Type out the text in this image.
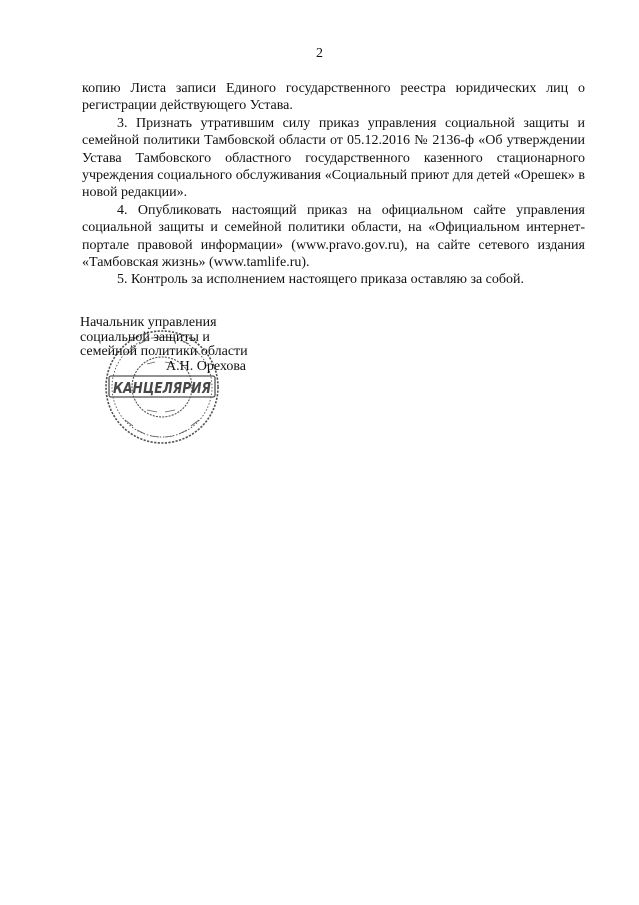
2

копию Листа записи Единого государственного реестра юридических лиц о регистрации действующего Устава.

3. Признать утратившим силу приказ управления социальной защиты и семейной политики Тамбовской области от 05.12.2016 № 2136-ф «Об утверждении Устава Тамбовского областного государственного казенного стационарного учреждения социального обслуживания «Социальный приют для детей «Орешек» в новой редакции».

4. Опубликовать настоящий приказ на официальном сайте управления социальной защиты и семейной политики области, на «Официальном интернет-портале правовой информации» (www.pravo.gov.ru), на сайте сетевого издания «Тамбовская жизнь» (www.tamlife.ru).

5. Контроль за исполнением настоящего приказа оставляю за собой.

КАНЦЕЛЯРИЯ
Начальник управления
социальной защиты и
семейной политики области
А.Н. Орехова
